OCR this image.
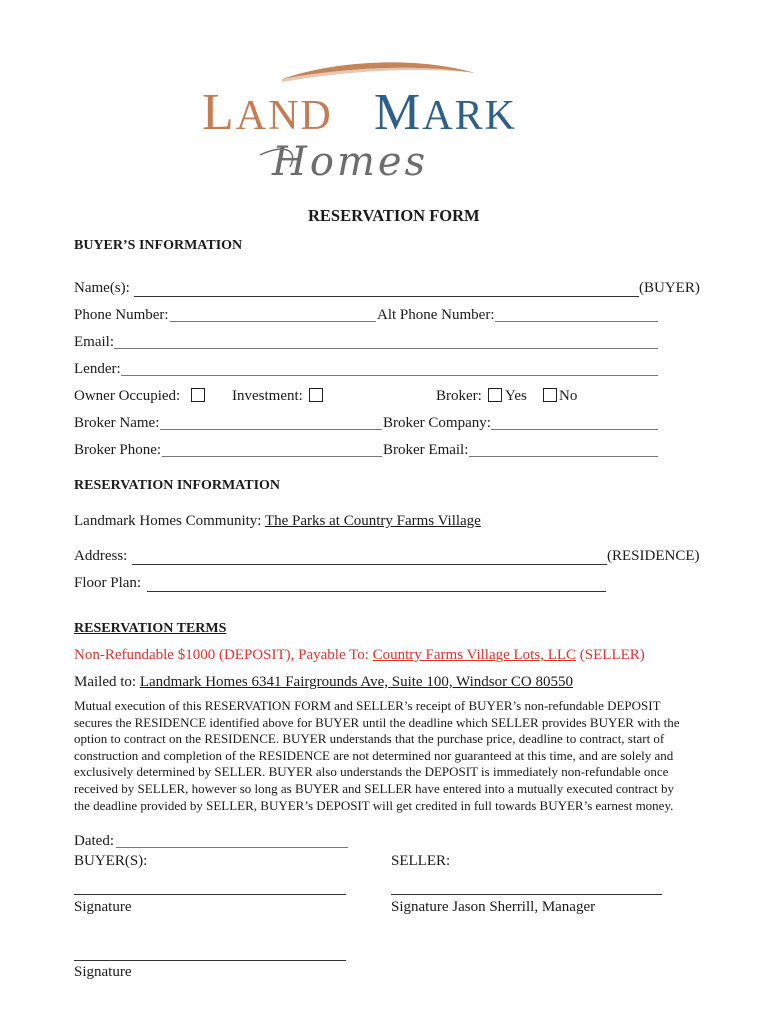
LAND MARK
Homes
RESERVATION FORM
BUYER’S INFORMATION
Name(s):	(BUYER)
Phone Number:	Alt Phone Number:
Email:
Lender:
Owner Occupied:	Investment:	Broker: Yes No
Broker Name:	Broker Company:
Broker Phone:	Broker Email:
RESERVATION INFORMATION
Landmark Homes Community: The Parks at Country Farms Village
Address:	(RESIDENCE)
Floor Plan:
RESERVATION TERMS
Non-Refundable $1000 (DEPOSIT), Payable To: Country Farms Village Lots, LLC (SELLER)
Mailed to: Landmark Homes 6341 Fairgrounds Ave, Suite 100, Windsor CO 80550
Mutual execution of this RESERVATION FORM and SELLER’s receipt of BUYER’s non-refundable DEPOSIT
secures the RESIDENCE identified above for BUYER until the deadline which SELLER provides BUYER with the
option to contract on the RESIDENCE. BUYER understands that the purchase price, deadline to contract, start of
construction and completion of the RESIDENCE are not determined nor guaranteed at this time, and are solely and
exclusively determined by SELLER. BUYER also understands the DEPOSIT is immediately non-refundable once
received by SELLER, however so long as BUYER and SELLER have entered into a mutually executed contract by
the deadline provided by SELLER, BUYER’s DEPOSIT will get credited in full towards BUYER’s earnest money.
Dated:
BUYER(S):	SELLER:
Signature	Signature Jason Sherrill, Manager
Signature
